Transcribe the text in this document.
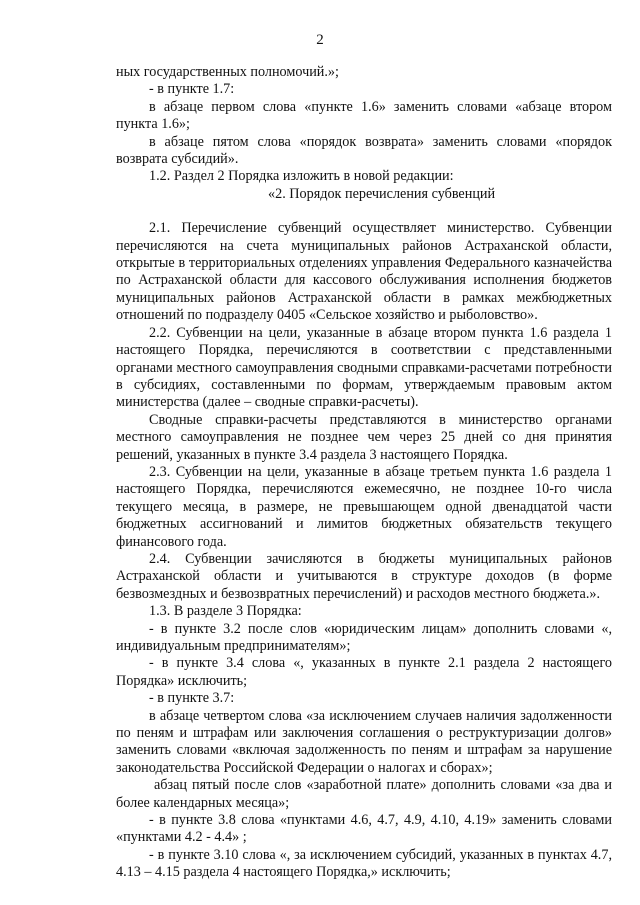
2

ных государственных полномочий.»;

- в пункте 1.7:

в абзаце первом слова «пункте 1.6» заменить словами «абзаце втором пункта 1.6»;

в абзаце пятом слова «порядок возврата» заменить словами «порядок возврата субсидий».

1.2. Раздел 2 Порядка изложить в новой редакции:

«2. Порядок перечисления субвенций

2.1. Перечисление субвенций осуществляет министерство. Субвенции перечисляются на счета муниципальных районов Астраханской области, открытые в территориальных отделениях управления Федерального казначейства по Астраханской области для кассового обслуживания исполнения бюджетов муниципальных районов Астраханской области в рамках межбюджетных отношений по подразделу 0405 «Сельское хозяйство и рыболовство».

2.2. Субвенции на цели, указанные в абзаце втором пункта 1.6 раздела 1 настоящего Порядка, перечисляются в соответствии с представленными органами местного самоуправления сводными справками-расчетами потребности в субсидиях, составленными по формам, утверждаемым правовым актом министерства (далее – сводные справки-расчеты).

Сводные справки-расчеты представляются в министерство органами местного самоуправления не позднее чем через 25 дней со дня принятия решений, указанных в пункте 3.4 раздела 3 настоящего Порядка.

2.3. Субвенции на цели, указанные в абзаце третьем пункта 1.6 раздела 1 настоящего Порядка, перечисляются ежемесячно, не позднее 10-го числа текущего месяца, в размере, не превышающем одной двенадцатой части бюджетных ассигнований и лимитов бюджетных обязательств текущего финансового года.

2.4. Субвенции зачисляются в бюджеты муниципальных районов Астраханской области и учитываются в структуре доходов (в форме безвозмездных и безвозвратных перечислений) и расходов местного бюджета.».

1.3. В разделе 3 Порядка:

- в пункте 3.2 после слов «юридическим лицам» дополнить словами «, индивидуальным предпринимателям»;

- в пункте 3.4 слова «, указанных в пункте 2.1 раздела 2 настоящего Порядка» исключить;

- в пункте 3.7:

в абзаце четвертом слова «за исключением случаев наличия задолженности по пеням и штрафам или заключения соглашения о реструктуризации долгов» заменить словами «включая задолженность по пеням и штрафам за нарушение законодательства Российской Федерации о налогах и сборах»;

абзац пятый после слов «заработной плате» дополнить словами «за два и более календарных месяца»;

- в пункте 3.8 слова «пунктами 4.6, 4.7, 4.9, 4.10, 4.19» заменить словами «пунктами 4.2 - 4.4» ;

- в пункте 3.10 слова «, за исключением субсидий, указанных в пунктах 4.7, 4.13 – 4.15 раздела 4 настоящего Порядка,» исключить;
